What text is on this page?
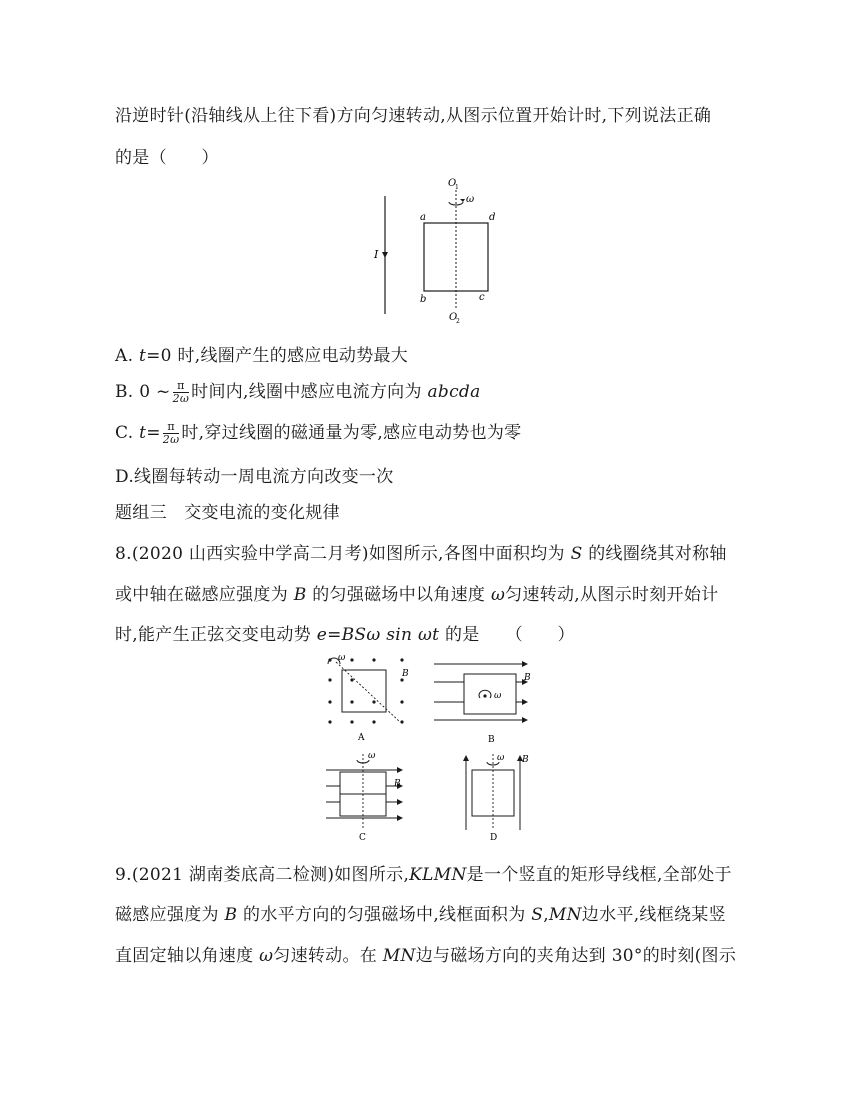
沿逆时针(沿轴线从上往下看)方向匀速转动,从图示位置开始计时,下列说法正确
的是（　　）
I
ω
O
1
O
2
a	d
b	c
A. t=0 时,线圈产生的感应电动势最大
B. 0 ~ $\frac{\pi}{2\omega}$ 时间内,线圈中感应电流方向为 abcda
C. $t= \frac{\pi}{2\omega}$ 时,穿过线圈的磁通量为零,感应电动势也为零
D.线圈每转动一周电流方向改变一次
题组三　交变电流的变化规律
8.(2020 山西实验中学高二月考)如图所示,各图中面积均为 S 的线圈绕其对称轴
或中轴在磁感应强度为 B 的匀强磁场中以角速度 ω匀速转动,从图示时刻开始计
时,能产生正弦交变电动势 e=BSω sin ωt 的是　　（　　）
ω
B
A
ω
B
B
ω
B
C
ω B
D
9.(2021 湖南娄底高二检测)如图所示,KLMN是一个竖直的矩形导线框,全部处于
磁感应强度为 B 的水平方向的匀强磁场中,线框面积为 S,MN边水平,线框绕某竖
直固定轴以角速度 ω匀速转动。在 MN边与磁场方向的夹角达到 30°的时刻(图示
